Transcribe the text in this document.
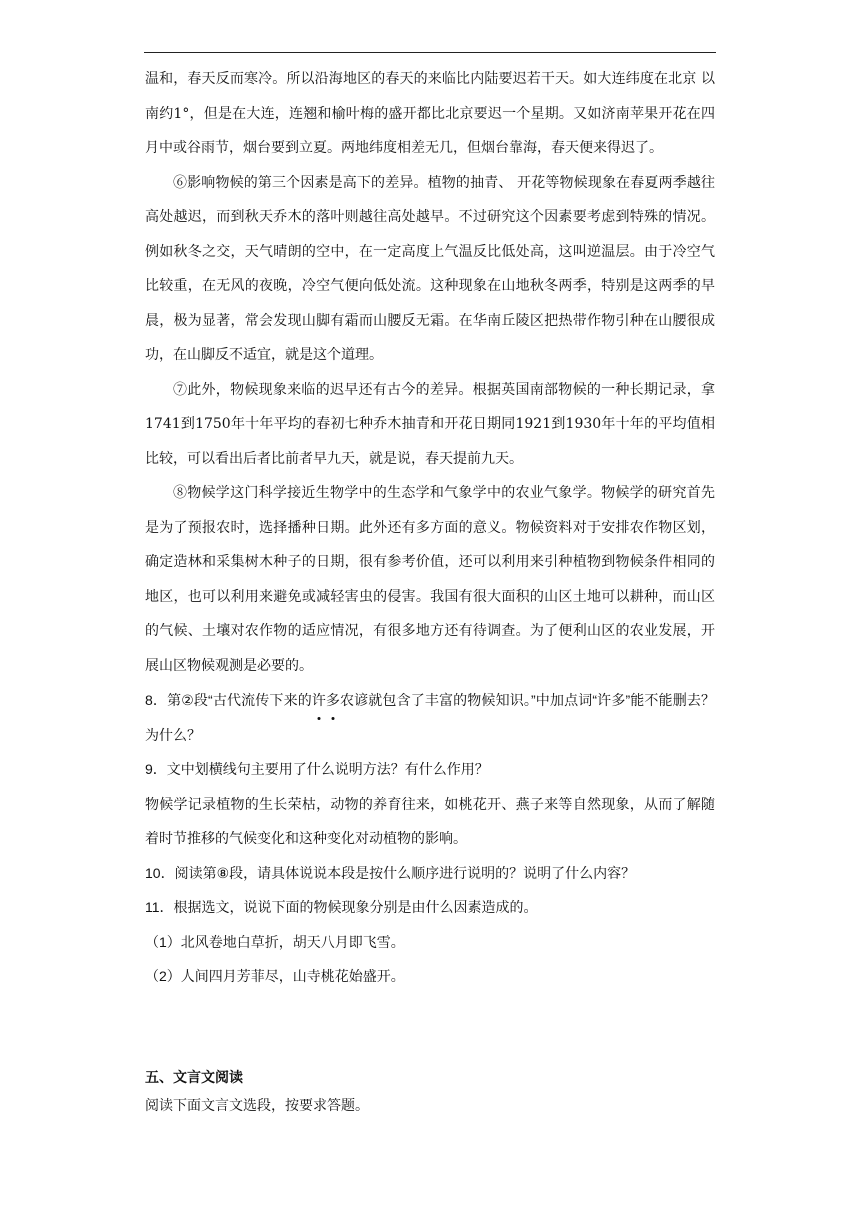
温和，春天反而寒冷。所以沿海地区的春天的来临比内陆要迟若干天。如大连纬度在北京 以南约1°，但是在大连，连翘和榆叶梅的盛开都比北京要迟一个星期。又如济南苹果开花在四月中或谷雨节，烟台要到立夏。两地纬度相差无几，但烟台靠海，春天便来得迟了。

⑥影响物候的第三个因素是高下的差异。植物的抽青、 开花等物候现象在春夏两季越往高处越迟，而到秋天乔木的落叶则越往高处越早。不过研究这个因素要考虑到特殊的情况。例如秋冬之交，天气晴朗的空中，在一定高度上气温反比低处高，这叫逆温层。由于冷空气比较重，在无风的夜晚，冷空气便向低处流。这种现象在山地秋冬两季，特别是这两季的早晨，极为显著，常会发现山脚有霜而山腰反无霜。在华南丘陵区把热带作物引种在山腰很成功，在山脚反不适宜，就是这个道理。

⑦此外，物候现象来临的迟早还有古今的差异。根据英国南部物候的一种长期记录，拿1741到1750年十年平均的春初七种乔木抽青和开花日期同1921到1930年十年的平均值相比较，可以看出后者比前者早九天，就是说，春天提前九天。

⑧物候学这门科学接近生物学中的生态学和气象学中的农业气象学。物候学的研究首先是为了预报农时，选择播种日期。此外还有多方面的意义。物候资料对于安排农作物区划，确定造林和采集树木种子的日期，很有参考价值，还可以利用来引种植物到物候条件相同的地区，也可以利用来避免或减轻害虫的侵害。我国有很大面积的山区土地可以耕种，而山区的气候、土壤对农作物的适应情况，有很多地方还有待调查。为了便利山区的农业发展，开展山区物候观测是必要的。

8．第②段“古代流传下来的许多农谚就包含了丰富的物候知识。”中加点词“许多”能不能删去？为什么？

9．文中划横线句主要用了什么说明方法？有什么作用？

物候学记录植物的生长荣枯，动物的养育往来，如桃花开、燕子来等自然现象，从而了解随着时节推移的气候变化和这种变化对动植物的影响。

10．阅读第⑧段，请具体说说本段是按什么顺序进行说明的？说明了什么内容？

11．根据选文，说说下面的物候现象分别是由什么因素造成的。

（1）北风卷地白草折，胡天八月即飞雪。

（2）人间四月芳菲尽，山寺桃花始盛开。

五、文言文阅读

阅读下面文言文选段，按要求答题。
